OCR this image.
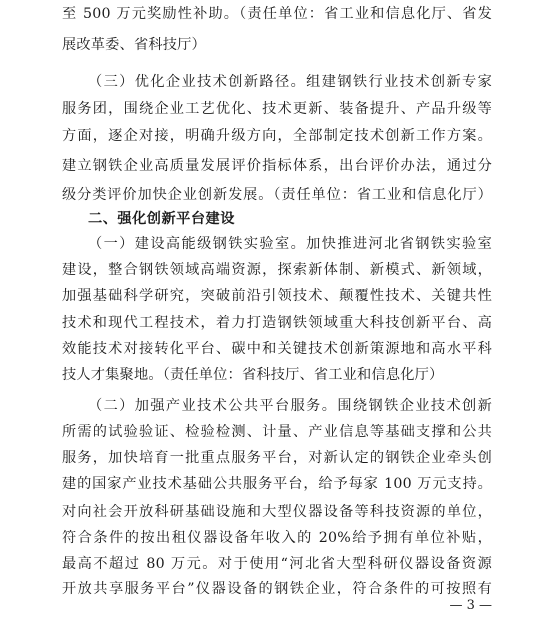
至 500 万元奖励性补助。（责任单位：省工业和信息化厅、省发
展改革委、省科技厅）
（三）优化企业技术创新路径。组建钢铁行业技术创新专家
服务团，围绕企业工艺优化、技术更新、装备提升、产品升级等
方面，逐企对接，明确升级方向，全部制定技术创新工作方案。
建立钢铁企业高质量发展评价指标体系，出台评价办法，通过分
级分类评价加快企业创新发展。（责任单位：省工业和信息化厅）
二、强化创新平台建设
（一）建设高能级钢铁实验室。加快推进河北省钢铁实验室
建设，整合钢铁领域高端资源，探索新体制、新模式、新领域，
加强基础科学研究，突破前沿引领技术、颠覆性技术、关键共性
技术和现代工程技术，着力打造钢铁领域重大科技创新平台、高
效能技术对接转化平台、碳中和关键技术创新策源地和高水平科
技人才集聚地。（责任单位：省科技厅、省工业和信息化厅）
（二）加强产业技术公共平台服务。围绕钢铁企业技术创新
所需的试验验证、检验检测、计量、产业信息等基础支撑和公共
服务，加快培育一批重点服务平台，对新认定的钢铁企业牵头创
建的国家产业技术基础公共服务平台，给予每家 100 万元支持。
对向社会开放科研基础设施和大型仪器设备等科技资源的单位，
符合条件的按出租仪器设备年收入的 20%给予拥有单位补贴，
最高不超过 80 万元。对于使用“河北省大型科研仪器设备资源
开放共享服务平台”仪器设备的钢铁企业，符合条件的可按照有
— 3 —
